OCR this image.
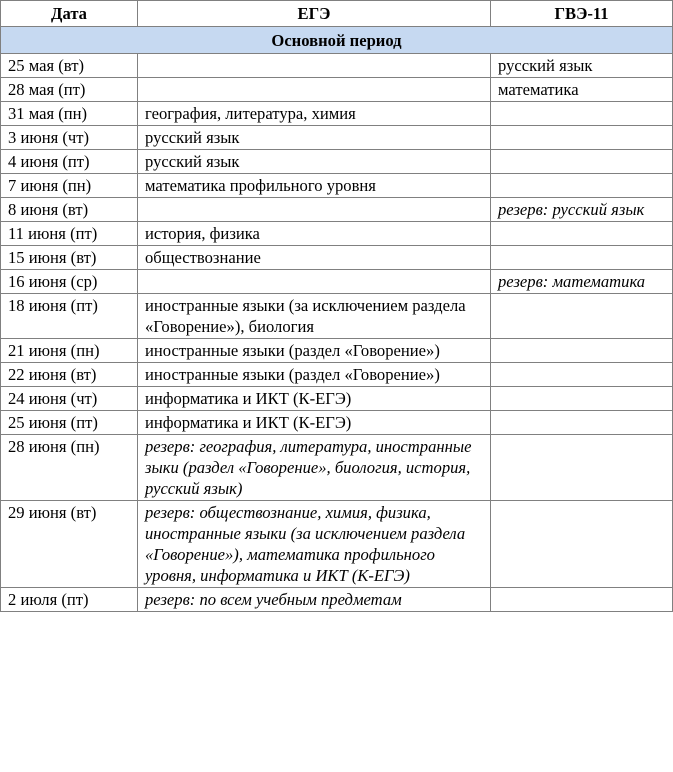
Дата	ЕГЭ	ГВЭ-11
Основной период		
25 мая (вт)		русский язык
28 мая (пт)		математика
31 мая (пн)	география, литература, химия	
3 июня (чт)	русский язык	
4 июня (пт)	русский язык	
7 июня (пн)	математика профильного уровня	
8 июня (вт)		резерв: русский язык
11 июня (пт)	история, физика	
15 июня (вт)	обществознание	
16 июня (ср)		резерв: математика
18 июня (пт)	иностранные языки (за исключением раздела «Говорение»), биология	
21 июня (пн)	иностранные языки (раздел «Говорение»)	
22 июня (вт)	иностранные языки (раздел «Говорение»)	
24 июня (чт)	информатика и ИКТ (К-ЕГЭ)	
25 июня (пт)	информатика и ИКТ (К-ЕГЭ)	
28 июня (пн)	резерв: география, литература, иностранные зыки (раздел «Говорение», биология, история, русский язык)	
29 июня (вт)	резерв: обществознание, химия, физика, иностранные языки (за исключением раздела «Говорение»), математика профильного уровня, информатика и ИКТ (К-ЕГЭ)	
2 июля (пт)	резерв: по всем учебным предметам	
